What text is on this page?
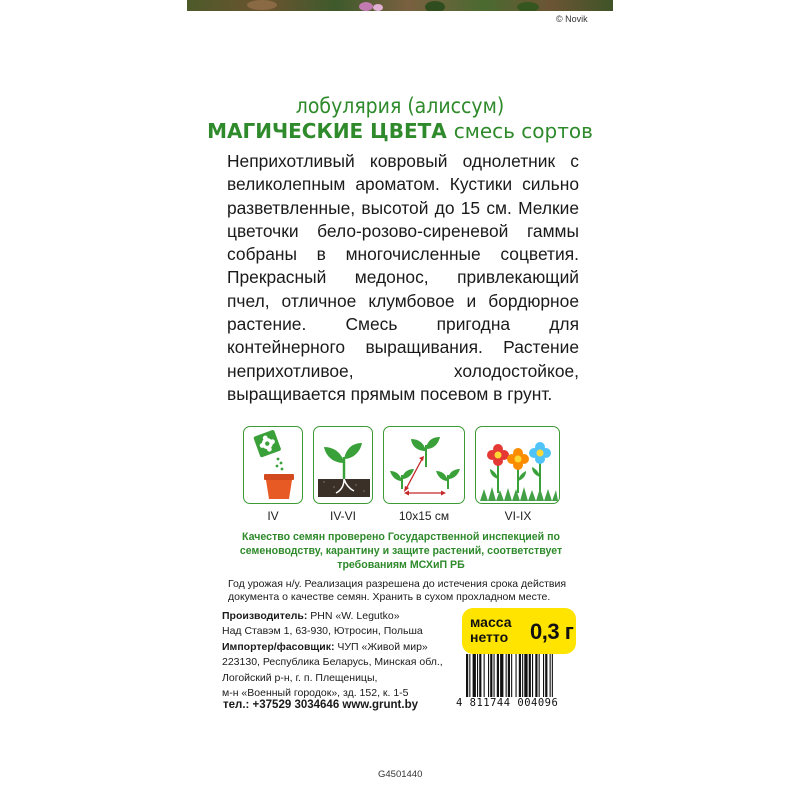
© Novik
лобулярия (алиссум)
МАГИЧЕСКИЕ ЦВЕТА смесь сортов
Неприхотливый ковровый однолетник с великолепным ароматом. Кустики сильно разветвленные, высотой до 15 см. Мелкие цветочки бело-розово-сиреневой гаммы собраны в многочисленные соцветия. Прекрасный медонос, привлекающий пчел, отличное клумбовое и бордюрное растение. Смесь пригодна для контейнерного выращивания. Растение неприхотливое, холодостойкое, выращивается прямым посевом в грунт.
IV	IV-VI	10x15 см	VI-IX
Качество семян проверено Государственной инспекцией по семеноводству, карантину и защите растений, соответствует требованиям МСХиП РБ
Год урожая н/у. Реализация разрешена до истечения срока действия документа о качестве семян. Хранить в сухом прохладном месте.
Производитель: PHN «W. Legutko»
Над Ставэм 1, 63-930, Ютросин, Польша
Импортер/фасовщик: ЧУП «Живой мир»
223130, Республика Беларусь, Минская обл.,
Логойский р-н, г. п. Плещеницы,
м-н «Военный городок», зд. 152, к. 1-5
тел.: +37529 3034646 www.grunt.by
масса
нетто 0,3 г
4 811744 004096
G4501440
